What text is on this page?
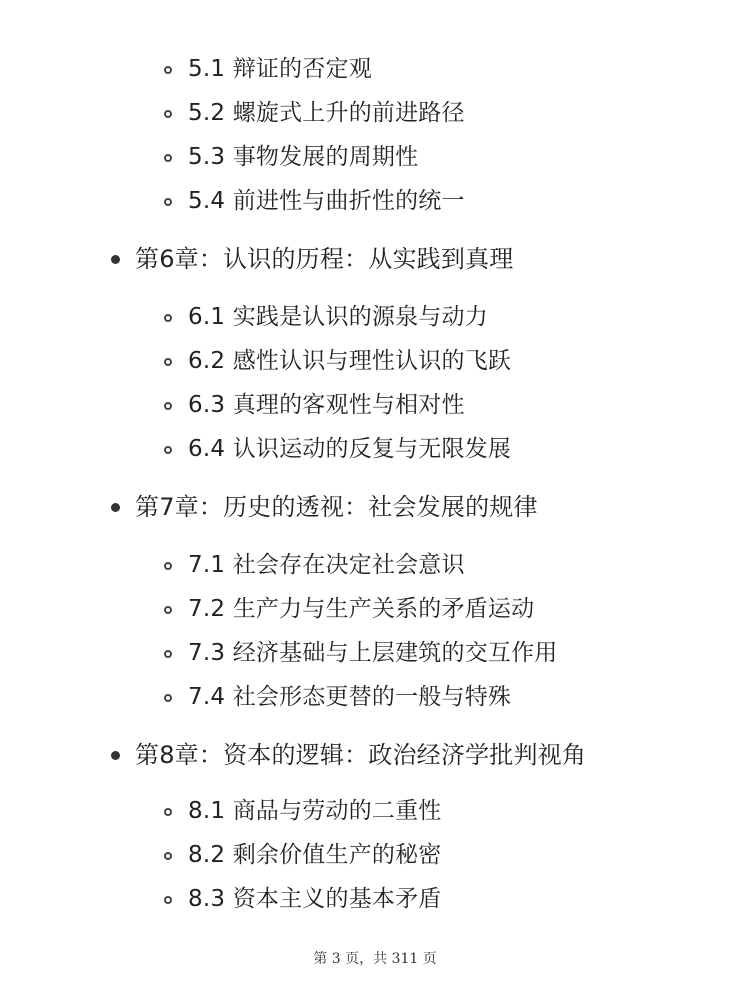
5.1 辩证的否定观
5.2 螺旋式上升的前进路径
5.3 事物发展的周期性
5.4 前进性与曲折性的统一
第6章：认识的历程：从实践到真理
6.1 实践是认识的源泉与动力
6.2 感性认识与理性认识的飞跃
6.3 真理的客观性与相对性
6.4 认识运动的反复与无限发展
第7章：历史的透视：社会发展的规律
7.1 社会存在决定社会意识
7.2 生产力与生产关系的矛盾运动
7.3 经济基础与上层建筑的交互作用
7.4 社会形态更替的一般与特殊
第8章：资本的逻辑：政治经济学批判视角
8.1 商品与劳动的二重性
8.2 剩余价值生产的秘密
8.3 资本主义的基本矛盾
第 3 页，共 311 页
